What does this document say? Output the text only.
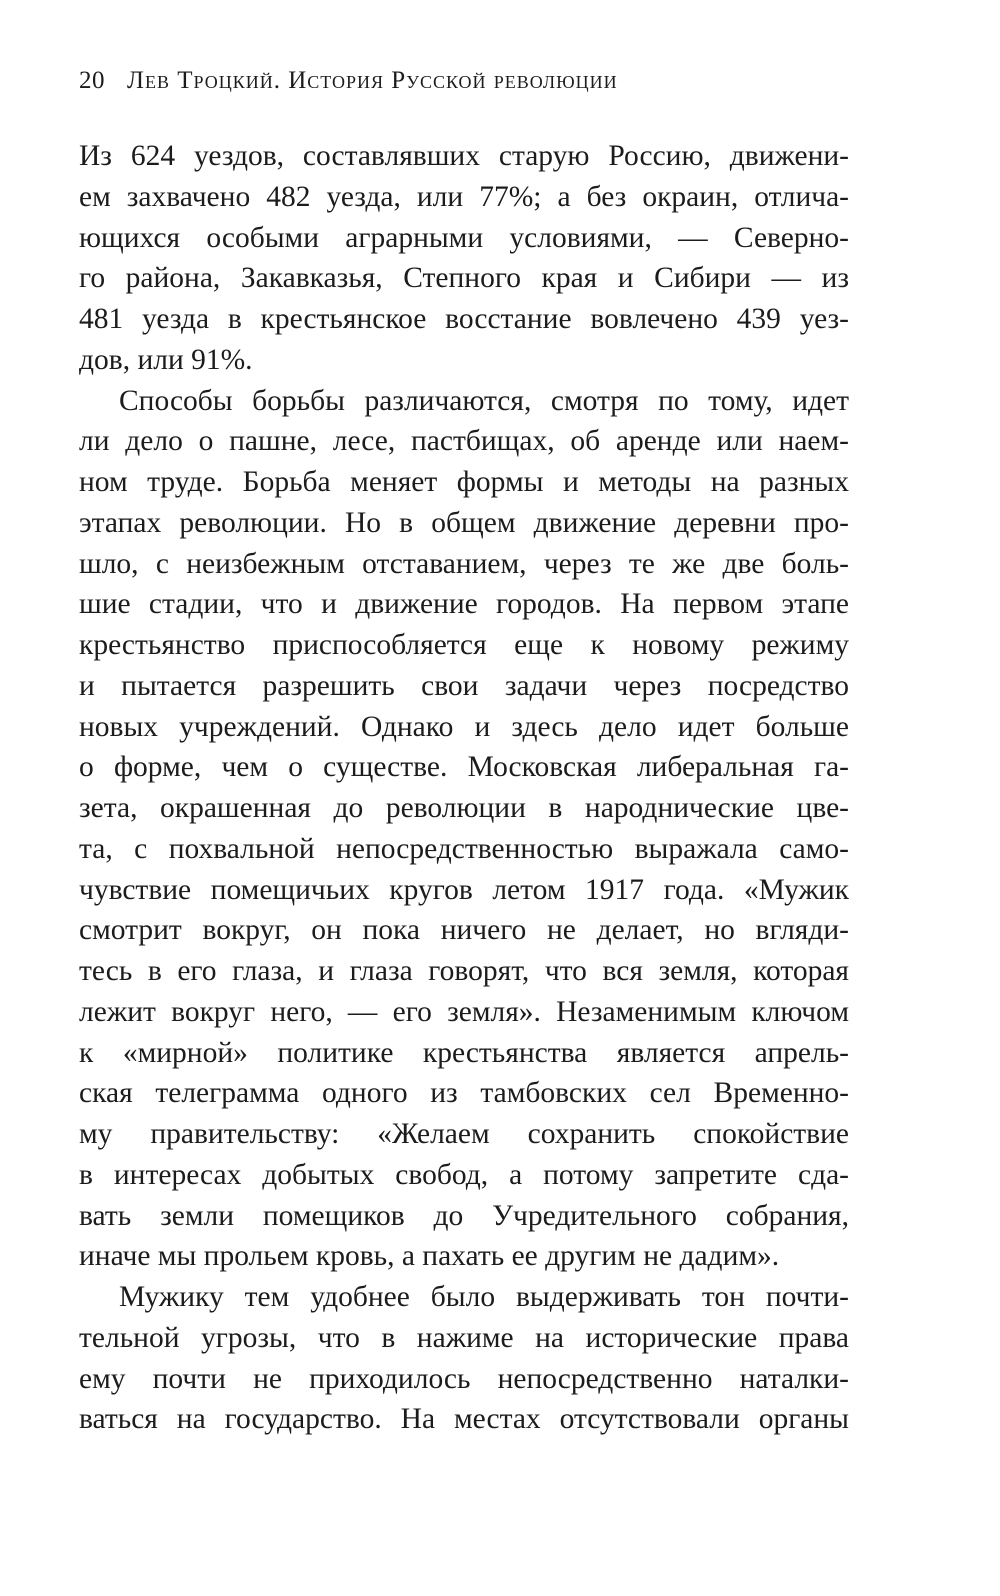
20 Лев Троцкий. История Русской революции
Из 624 уездов, составлявших старую Россию, движени-
ем захвачено 482 уезда, или 77%; а без окраин, отлича-
ющихся особыми аграрными условиями, — Северно-
го района, Закавказья, Степного края и Сибири — из
481 уезда в крестьянское восстание вовлечено 439 уез-
дов, или 91%.
Способы борьбы различаются, смотря по тому, идет
ли дело о пашне, лесе, пастбищах, об аренде или наем-
ном труде. Борьба меняет формы и методы на разных
этапах революции. Но в общем движение деревни про-
шло, с неизбежным отставанием, через те же две боль-
шие стадии, что и движение городов. На первом этапе
крестьянство приспособляется еще к новому режиму
и пытается разрешить свои задачи через посредство
новых учреждений. Однако и здесь дело идет больше
о форме, чем о существе. Московская либеральная га-
зета, окрашенная до революции в народнические цве-
та, с похвальной непосредственностью выражала само-
чувствие помещичьих кругов летом 1917 года. «Мужик
смотрит вокруг, он пока ничего не делает, но вгляди-
тесь в его глаза, и глаза говорят, что вся земля, которая
лежит вокруг него, — его земля». Незаменимым ключом
к «мирной» политике крестьянства является апрель-
ская телеграмма одного из тамбовских сел Временно-
му правительству: «Желаем сохранить спокойствие
в интересах добытых свобод, а потому запретите сда-
вать земли помещиков до Учредительного собрания,
иначе мы прольем кровь, а пахать ее другим не дадим».
Мужику тем удобнее было выдерживать тон почти-
тельной угрозы, что в нажиме на исторические права
ему почти не приходилось непосредственно наталки-
ваться на государство. На местах отсутствовали органы
